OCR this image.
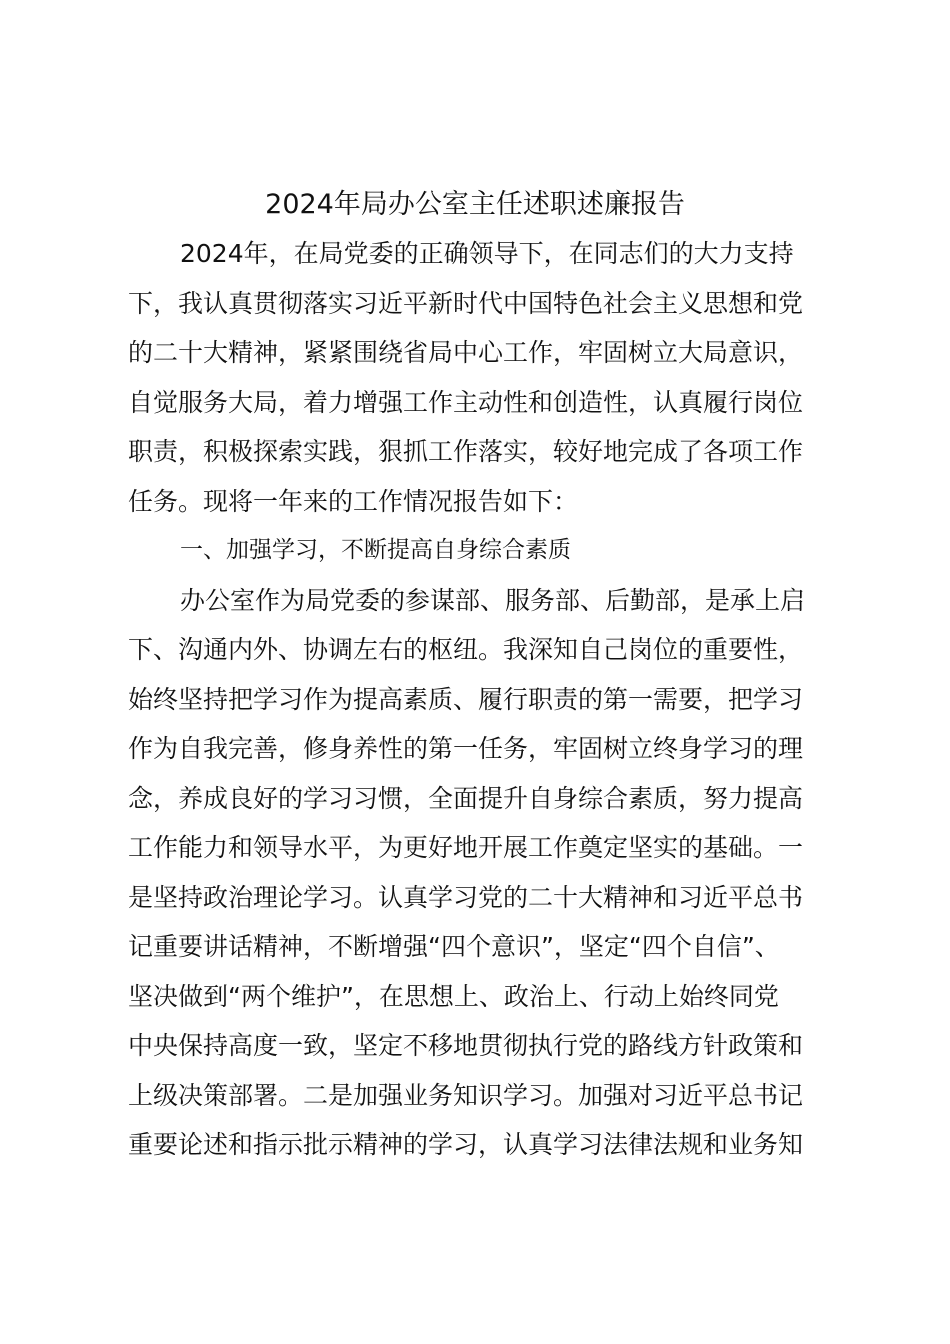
2024年局办公室主任述职述廉报告
2024年，在局党委的正确领导下，在同志们的大力支持
下，我认真贯彻落实习近平新时代中国特色社会主义思想和党
的二十大精神，紧紧围绕省局中心工作，牢固树立大局意识，
自觉服务大局，着力增强工作主动性和创造性，认真履行岗位
职责，积极探索实践，狠抓工作落实，较好地完成了各项工作
任务。现将一年来的工作情况报告如下：
一、加强学习，不断提高自身综合素质
办公室作为局党委的参谋部、服务部、后勤部，是承上启
下、沟通内外、协调左右的枢纽。我深知自己岗位的重要性，
始终坚持把学习作为提高素质、履行职责的第一需要，把学习
作为自我完善，修身养性的第一任务，牢固树立终身学习的理
念，养成良好的学习习惯，全面提升自身综合素质，努力提高
工作能力和领导水平，为更好地开展工作奠定坚实的基础。一
是坚持政治理论学习。认真学习党的二十大精神和习近平总书
记重要讲话精神，不断增强“四个意识”，坚定“四个自信”、
坚决做到“两个维护”，在思想上、政治上、行动上始终同党
中央保持高度一致，坚定不移地贯彻执行党的路线方针政策和
上级决策部署。二是加强业务知识学习。加强对习近平总书记
重要论述和指示批示精神的学习，认真学习法律法规和业务知
